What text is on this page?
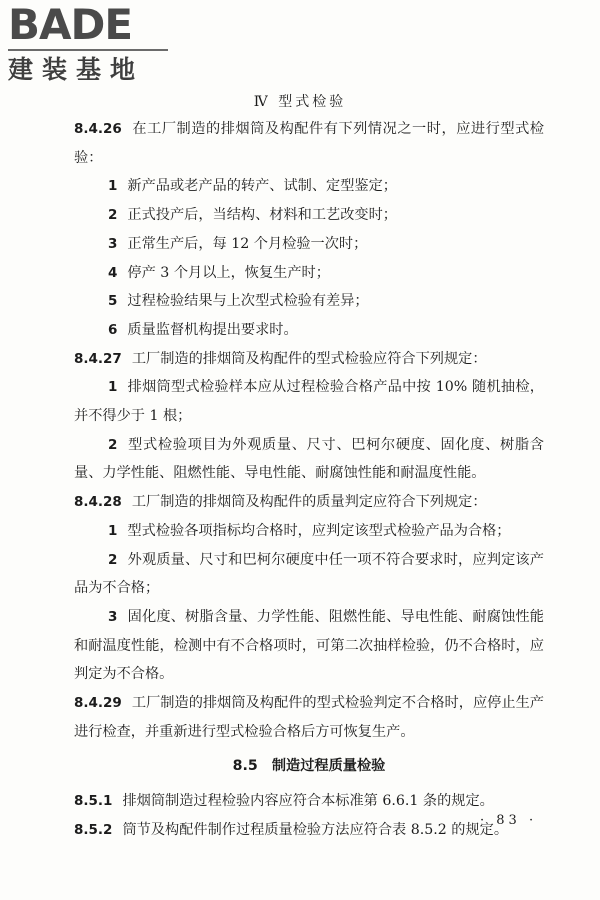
BADE
建装基地
Ⅳ 型式检验

8.4.26 在工厂制造的排烟筒及构配件有下列情况之一时，应进行型式检验：

1 新产品或老产品的转产、试制、定型鉴定；

2 正式投产后，当结构、材料和工艺改变时；

3 正常生产后，每 12 个月检验一次时；

4 停产 3 个月以上，恢复生产时；

5 过程检验结果与上次型式检验有差异；

6 质量监督机构提出要求时。

8.4.27 工厂制造的排烟筒及构配件的型式检验应符合下列规定：

1 排烟筒型式检验样本应从过程检验合格产品中按 10% 随机抽检，并不得少于 1 根；

2 型式检验项目为外观质量、尺寸、巴柯尔硬度、固化度、树脂含量、力学性能、阻燃性能、导电性能、耐腐蚀性能和耐温度性能。

8.4.28 工厂制造的排烟筒及构配件的质量判定应符合下列规定：

1 型式检验各项指标均合格时，应判定该型式检验产品为合格；

2 外观质量、尺寸和巴柯尔硬度中任一项不符合要求时，应判定该产品为不合格；

3 固化度、树脂含量、力学性能、阻燃性能、导电性能、耐腐蚀性能和耐温度性能，检测中有不合格项时，可第二次抽样检验，仍不合格时，应判定为不合格。

8.4.29 工厂制造的排烟筒及构配件的型式检验判定不合格时，应停止生产进行检查，并重新进行型式检验合格后方可恢复生产。

8.5 制造过程质量检验

8.5.1 排烟筒制造过程检验内容应符合本标准第 6.6.1 条的规定。

8.5.2 筒节及构配件制作过程质量检验方法应符合表 8.5.2 的规定。

· 83 ·
